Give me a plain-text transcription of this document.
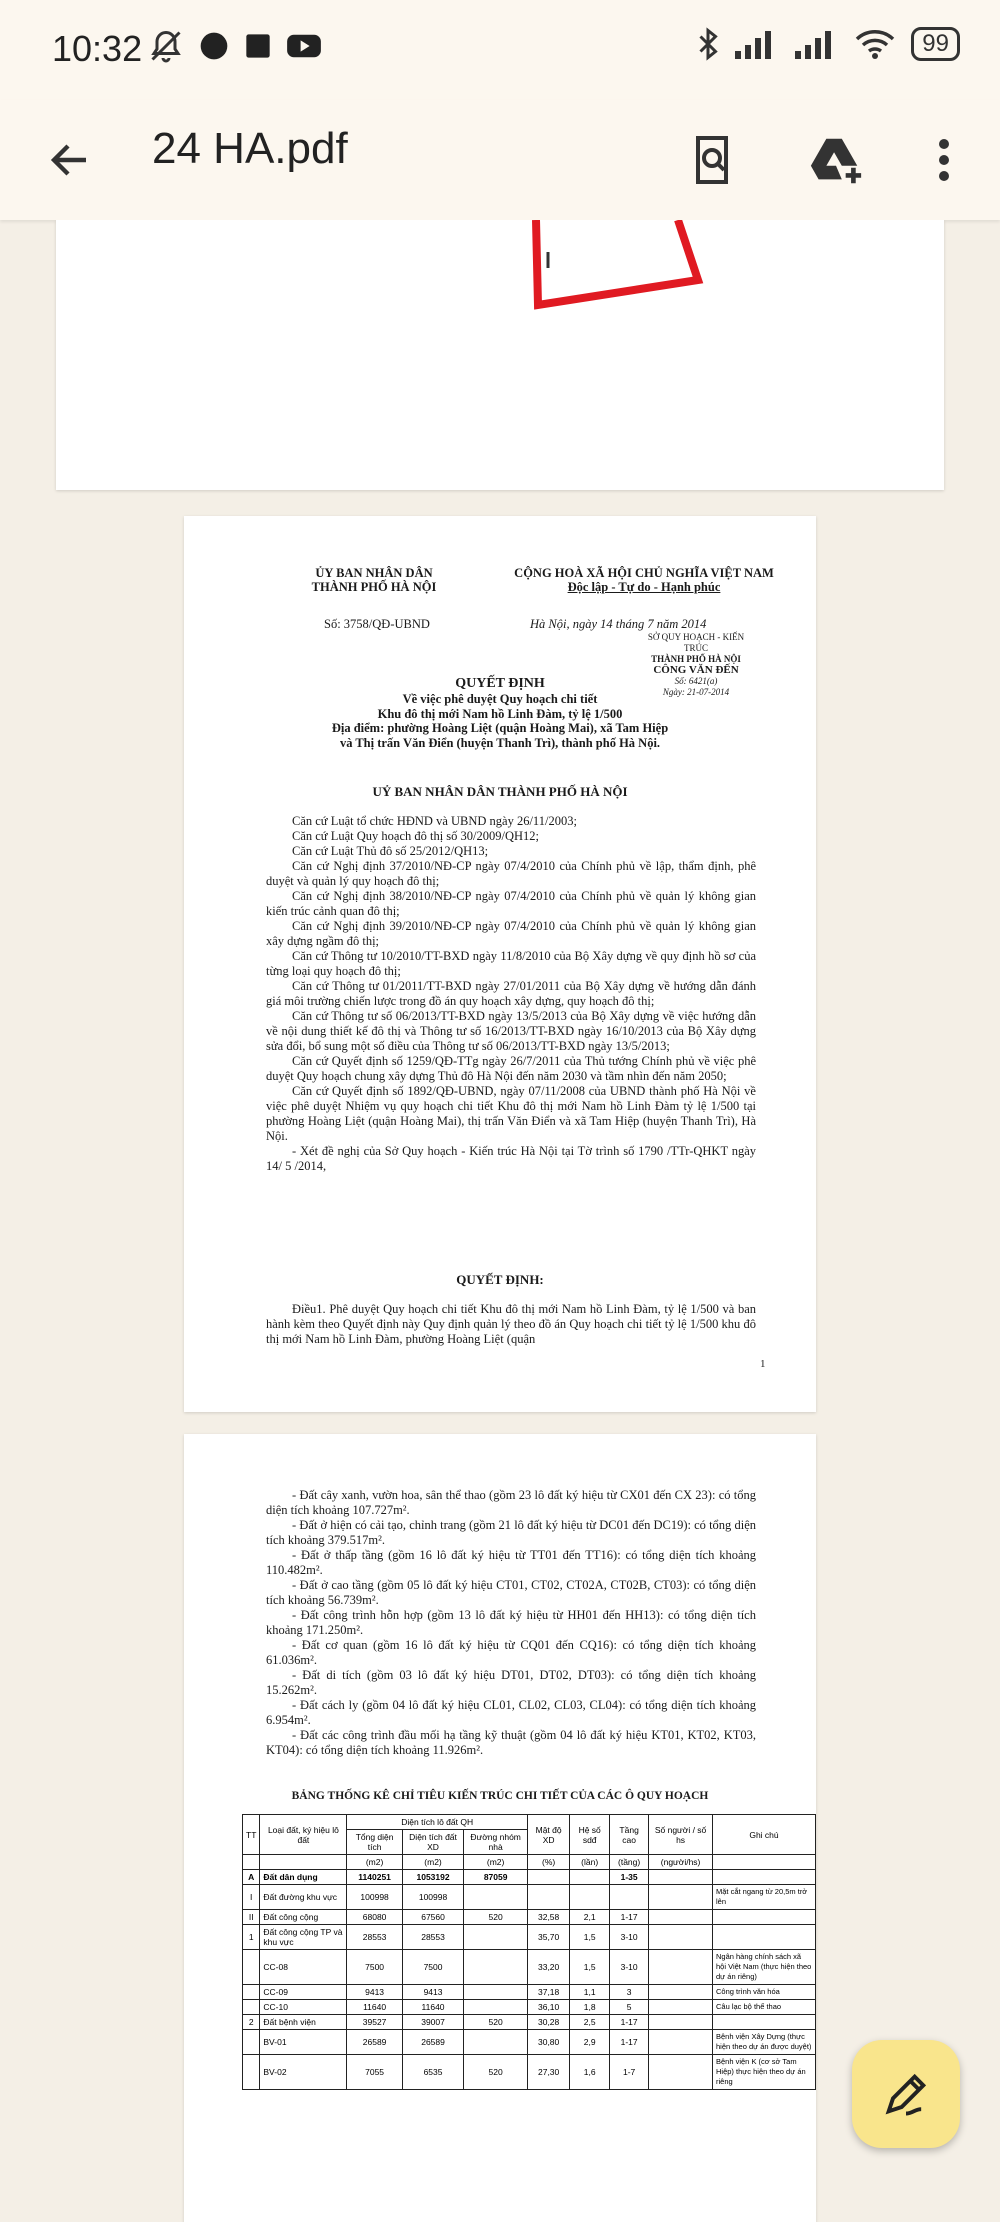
10:32	99
24 HA.pdf
ỦY BAN NHÂN DÂN
THÀNH PHỐ HÀ NỘI
Số: 3758/QĐ-UBND
CỘNG HOÀ XÃ HỘI CHỦ NGHĨA VIỆT NAM
Độc lập - Tự do - Hạnh phúc
Hà Nội, ngày 14 tháng 7 năm 2014
SỞ QUY HOẠCH - KIẾN TRÚC
THÀNH PHỐ HÀ NỘI
CÔNG VĂN ĐẾN
Số: 6421(a)
Ngày: 21-07-2014
QUYẾT ĐỊNH
Về việc phê duyệt Quy hoạch chi tiết
Khu đô thị mới Nam hồ Linh Đàm, tỷ lệ 1/500
Địa điểm: phường Hoàng Liệt (quận Hoàng Mai), xã Tam Hiệp
và Thị trấn Văn Điển (huyện Thanh Trì), thành phố Hà Nội.
UỶ BAN NHÂN DÂN THÀNH PHỐ HÀ NỘI
Căn cứ Luật tổ chức HĐND và UBND ngày 26/11/2003;
Căn cứ Luật Quy hoạch đô thị số 30/2009/QH12;
Căn cứ Luật Thủ đô số 25/2012/QH13;
Căn cứ Nghị định 37/2010/NĐ-CP ngày 07/4/2010 của Chính phủ về lập, thẩm định, phê duyệt và quản lý quy hoạch đô thị;
Căn cứ Nghị định 38/2010/NĐ-CP ngày 07/4/2010 của Chính phủ về quản lý không gian kiến trúc cảnh quan đô thị;
Căn cứ Nghị định 39/2010/NĐ-CP ngày 07/4/2010 của Chính phủ về quản lý không gian xây dựng ngầm đô thị;
Căn cứ Thông tư 10/2010/TT-BXD ngày 11/8/2010 của Bộ Xây dựng về quy định hồ sơ của từng loại quy hoạch đô thị;
Căn cứ Thông tư 01/2011/TT-BXD ngày 27/01/2011 của Bộ Xây dựng về hướng dẫn đánh giá môi trường chiến lược trong đồ án quy hoạch xây dựng, quy hoạch đô thị;
Căn cứ Thông tư số 06/2013/TT-BXD ngày 13/5/2013 của Bộ Xây dựng về việc hướng dẫn về nội dung thiết kế đô thị và Thông tư số 16/2013/TT-BXD ngày 16/10/2013 của Bộ Xây dựng sửa đổi, bổ sung một số điều của Thông tư số 06/2013/TT-BXD ngày 13/5/2013;
Căn cứ Quyết định số 1259/QĐ-TTg ngày 26/7/2011 của Thủ tướng Chính phủ về việc phê duyệt Quy hoạch chung xây dựng Thủ đô Hà Nội đến năm 2030 và tầm nhìn đến năm 2050;
Căn cứ Quyết định số 1892/QĐ-UBND, ngày 07/11/2008 của UBND thành phố Hà Nội về việc phê duyệt Nhiệm vụ quy hoạch chi tiết Khu đô thị mới Nam hồ Linh Đàm tỷ lệ 1/500 tại phường Hoàng Liệt (quận Hoàng Mai), thị trấn Văn Điển và xã Tam Hiệp (huyện Thanh Trì), Hà Nội.
- Xét đề nghị của Sở Quy hoạch - Kiến trúc Hà Nội tại Tờ trình số 1790 /TTr-QHKT ngày 14/ 5 /2014,
QUYẾT ĐỊNH:
Điều1. Phê duyệt Quy hoạch chi tiết Khu đô thị mới Nam hồ Linh Đàm, tỷ lệ 1/500 và ban hành kèm theo Quyết định này Quy định quản lý theo đồ án Quy hoạch chi tiết tỷ lệ 1/500 khu đô thị mới Nam hồ Linh Đàm, phường Hoàng Liệt (quận
1
- Đất cây xanh, vườn hoa, sân thể thao (gồm 23 lô đất ký hiệu từ CX01 đến CX 23): có tổng diện tích khoảng 107.727m².
- Đất ở hiện có cải tạo, chỉnh trang (gồm 21 lô đất ký hiệu từ DC01 đến DC19): có tổng diện tích khoảng 379.517m².
- Đất ở thấp tầng (gồm 16 lô đất ký hiệu từ TT01 đến TT16): có tổng diện tích khoảng 110.482m².
- Đất ở cao tầng (gồm 05 lô đất ký hiệu CT01, CT02, CT02A, CT02B, CT03): có tổng diện tích khoảng 56.739m².
- Đất công trình hỗn hợp (gồm 13 lô đất ký hiệu từ HH01 đến HH13): có tổng diện tích khoảng 171.250m².
- Đất cơ quan (gồm 16 lô đất ký hiệu từ CQ01 đến CQ16): có tổng diện tích khoảng 61.036m².
- Đất di tích (gồm 03 lô đất ký hiệu DT01, DT02, DT03): có tổng diện tích khoảng 15.262m².
- Đất cách ly (gồm 04 lô đất ký hiệu CL01, CL02, CL03, CL04): có tổng diện tích khoảng 6.954m².
- Đất các công trình đầu mối hạ tầng kỹ thuật (gồm 04 lô đất ký hiệu KT01, KT02, KT03, KT04): có tổng diện tích khoảng 11.926m².
BẢNG THỐNG KÊ CHỈ TIÊU KIẾN TRÚC CHI TIẾT CỦA CÁC Ô QUY HOẠCH
TT	Loại đất, ký hiệu lô đất	Diện tích lô đất QH			Mật độ XD	Hệ số sdđ	Tầng cao	Số người / số hs	Ghi chú
		Tổng diện tích	Diện tích đất XD	Đường nhóm nhà					
		(m2)	(m2)	(m2)	(%)	(lần)	(tầng)	(người/hs)	
A	Đất dân dụng	1140251	1053192	87059			1-35		
I	Đất đường khu vực	100998	100998						Mặt cắt ngang từ 20,5m trở lên
II	Đất công cộng	68080	67560	520	32,58	2,1	1-17		
1	Đất công cộng TP và khu vực	28553	28553		35,70	1,5	3-10		
	CC-08	7500	7500		33,20	1,5	3-10		Ngân hàng chính sách xã hội Việt Nam (thực hiện theo dự án riêng)
	CC-09	9413	9413		37,18	1,1	3		Công trình văn hóa
	CC-10	11640	11640		36,10	1,8	5		Câu lạc bộ thể thao
2	Đất bệnh viện	39527	39007	520	30,28	2,5	1-17		
	BV-01	26589	26589		30,80	2,9	1-17		Bệnh viện Xây Dựng (thực hiện theo dự án được duyệt)
	BV-02	7055	6535	520	27,30	1,6	1-7		Bệnh viện K (cơ sở Tam Hiệp) thực hiện theo dự án riêng
